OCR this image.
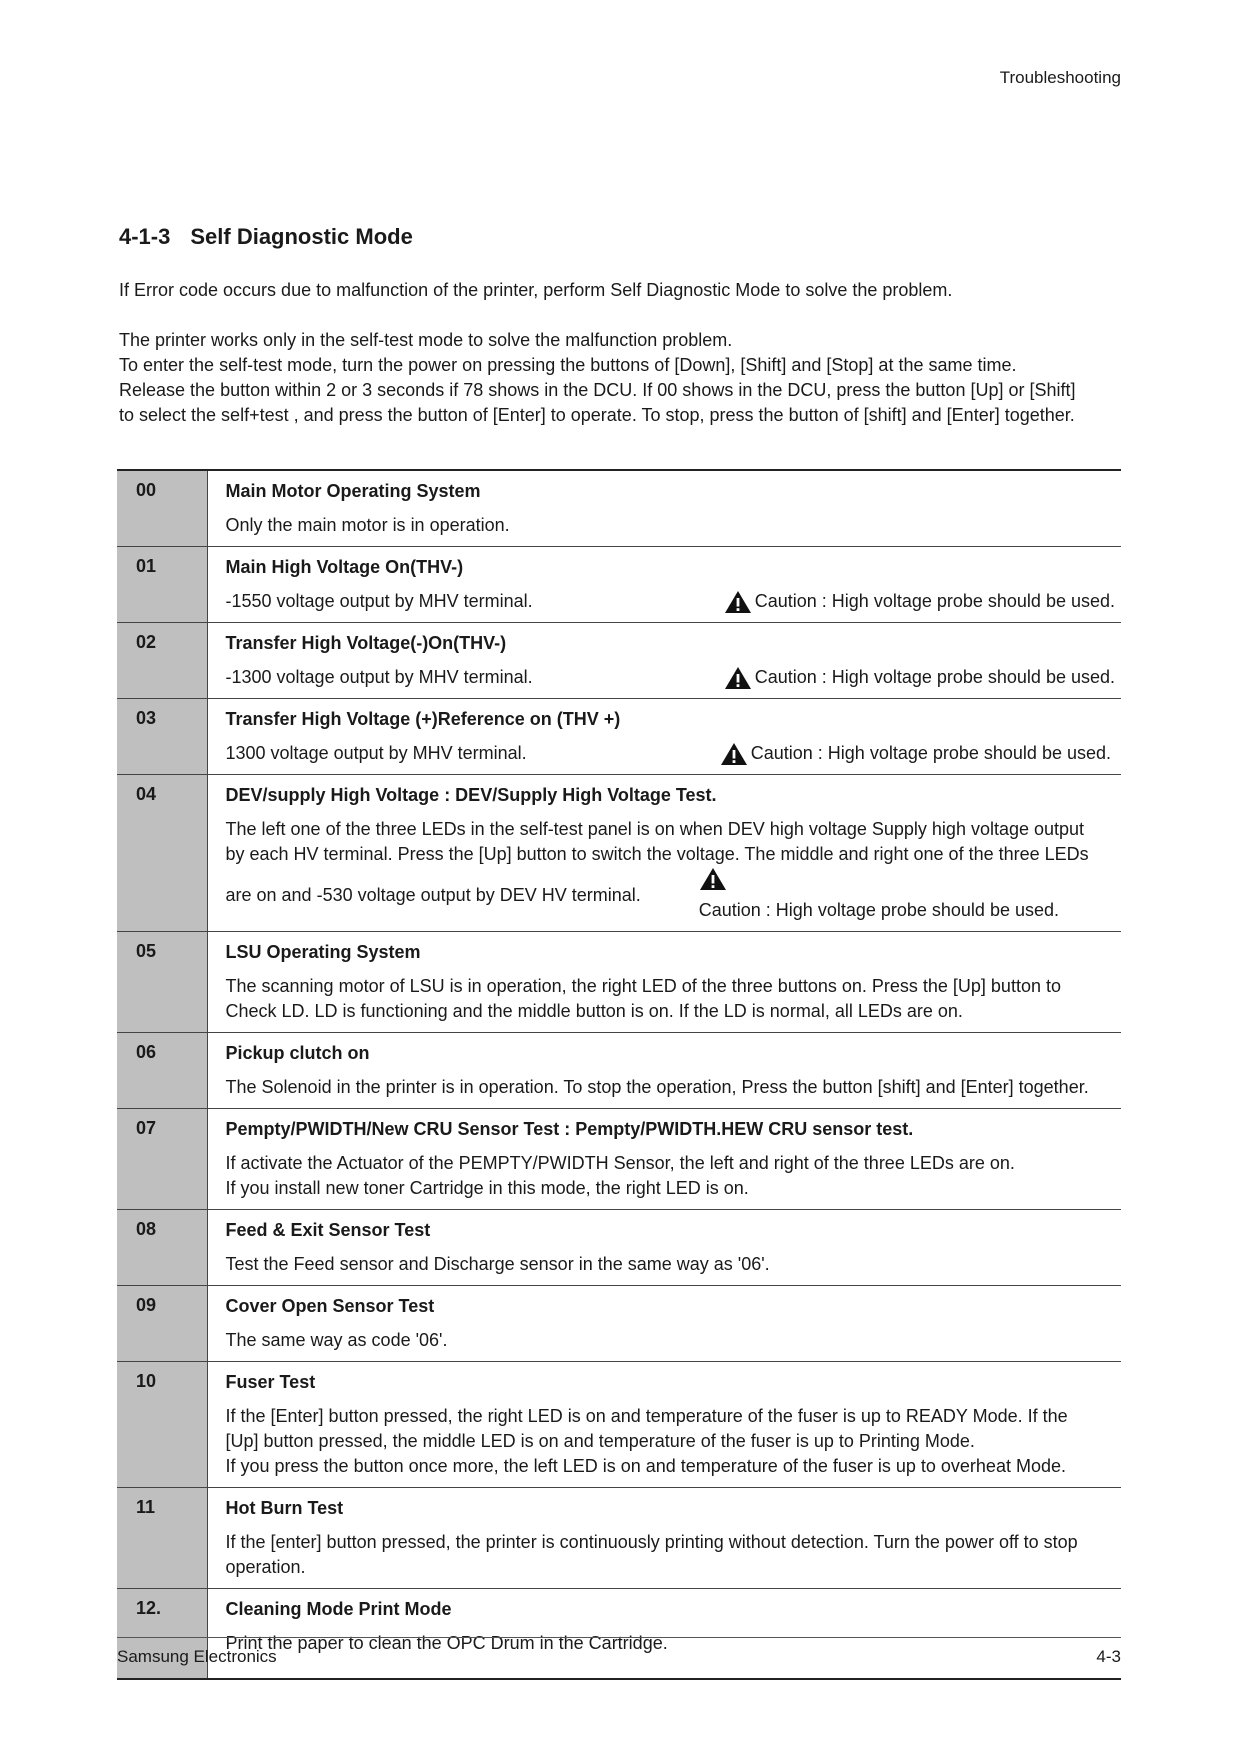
Troubleshooting
4-1-3 Self Diagnostic Mode

If Error code occurs due to malfunction of the printer, perform Self Diagnostic Mode to solve the problem.

The printer works only in the self-test mode to solve the malfunction problem.
To enter the self-test mode, turn the power on pressing the buttons of [Down], [Shift] and [Stop] at the same time.
Release the button within 2 or 3 seconds if 78 shows in the DCU. If 00 shows in the DCU, press the button [Up] or [Shift]
to select the self+test , and press the button of [Enter] to operate. To stop, press the button of [shift] and [Enter] together.

00	Main Motor Operating System
Only the main motor is in operation.

01	Main High Voltage On(THV-)
-1550 voltage output by MHV terminal. Caution : High voltage probe should be used.

02	Transfer High Voltage(-)On(THV-)
-1300 voltage output by MHV terminal. Caution : High voltage probe should be used.

03	Transfer High Voltage (+)Reference on (THV +)
1300 voltage output by MHV terminal. Caution : High voltage probe should be used.

04	DEV/supply High Voltage : DEV/Supply High Voltage Test.
The left one of the three LEDs in the self-test panel is on when DEV high voltage Supply high voltage output
by each HV terminal. Press the [Up] button to switch the voltage. The middle and right one of the three LEDs
are on and -530 voltage output by DEV HV terminal.
Caution : High voltage probe should be used.

05	LSU Operating System
The scanning motor of LSU is in operation, the right LED of the three buttons on. Press the [Up] button to
Check LD. LD is functioning and the middle button is on. If the LD is normal, all LEDs are on.

06	Pickup clutch on
The Solenoid in the printer is in operation. To stop the operation, Press the button [shift] and [Enter] together.

07	Pempty/PWIDTH/New CRU Sensor Test : Pempty/PWIDTH.HEW CRU sensor test.
If activate the Actuator of the PEMPTY/PWIDTH Sensor, the left and right of the three LEDs are on.
If you install new toner Cartridge in this mode, the right LED is on.

08	Feed & Exit Sensor Test
Test the Feed sensor and Discharge sensor in the same way as '06'.

09	Cover Open Sensor Test
The same way as code '06'.

10	Fuser Test
If the [Enter] button pressed, the right LED is on and temperature of the fuser is up to READY Mode. If the
[Up] button pressed, the middle LED is on and temperature of the fuser is up to Printing Mode.
If you press the button once more, the left LED is on and temperature of the fuser is up to overheat Mode.

11	Hot Burn Test
If the [enter] button pressed, the printer is continuously printing without detection. Turn the power off to stop
operation.

12.	Cleaning Mode Print Mode
Print the paper to clean the OPC Drum in the Cartridge.
Samsung Electronics	4-3
